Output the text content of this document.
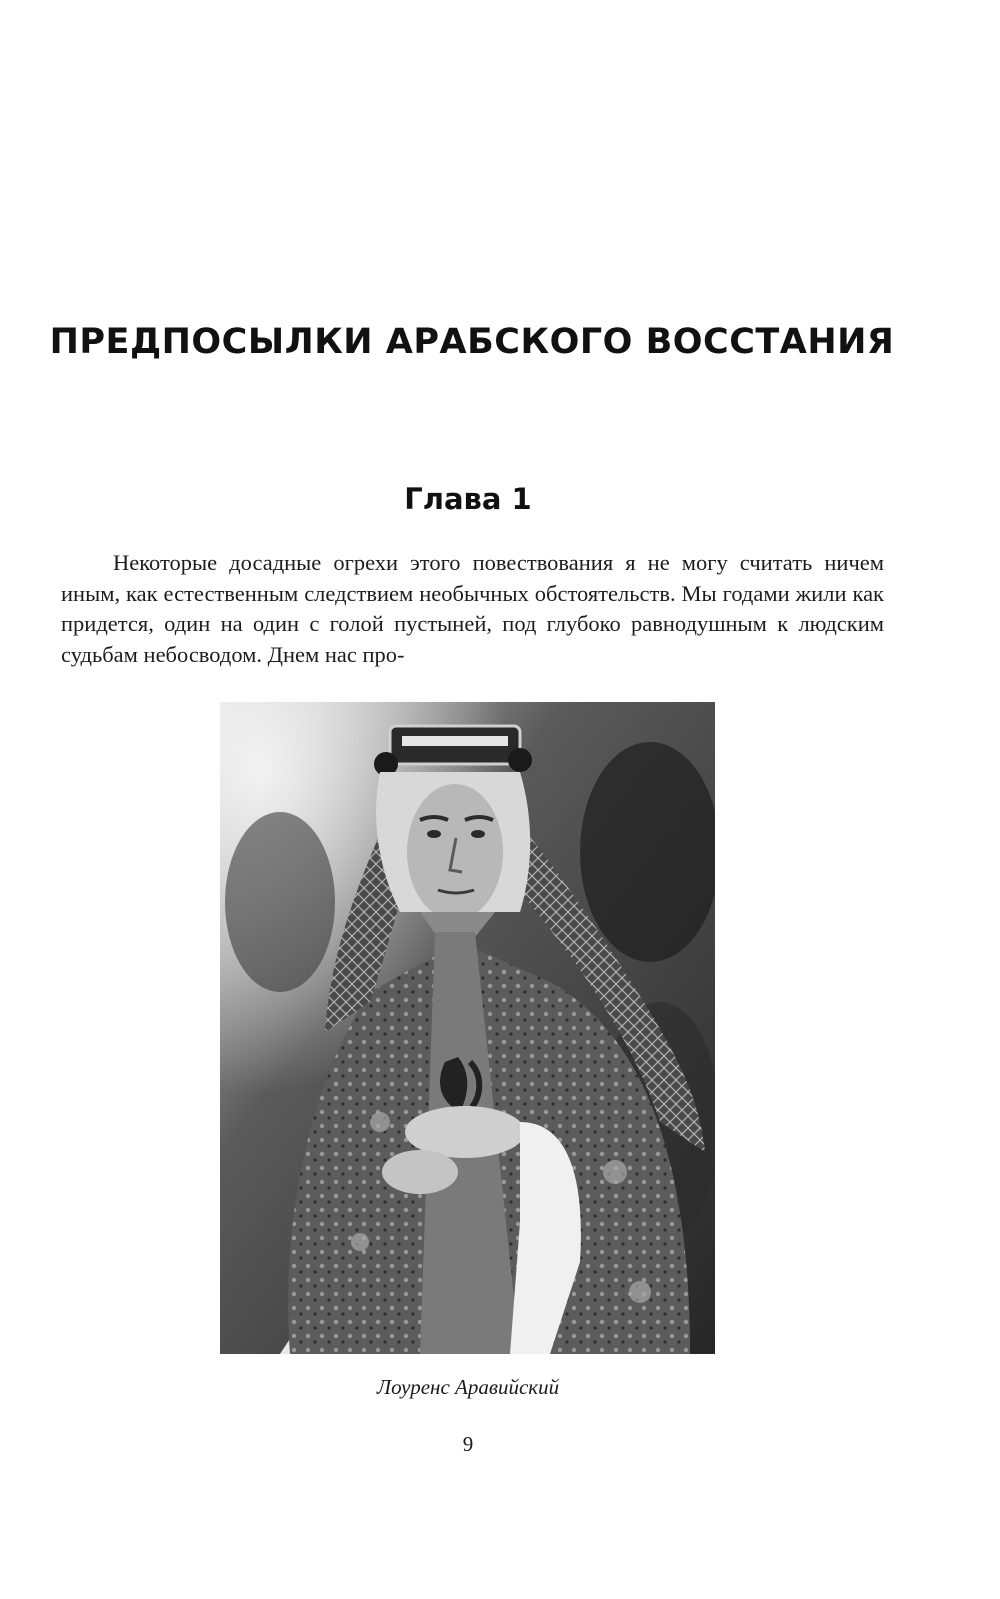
ПРЕДПОСЫЛКИ АРАБСКОГО ВОССТАНИЯ
Глава 1

Некоторые досадные огрехи этого повествования я не могу считать ничем иным, как естественным следствием необычных обстоятельств. Мы годами жили как придется, один на один с голой пустыней, под глубоко равнодушным к людским судьбам небосводом. Днем нас про-

Лоуренс Аравийский

9
